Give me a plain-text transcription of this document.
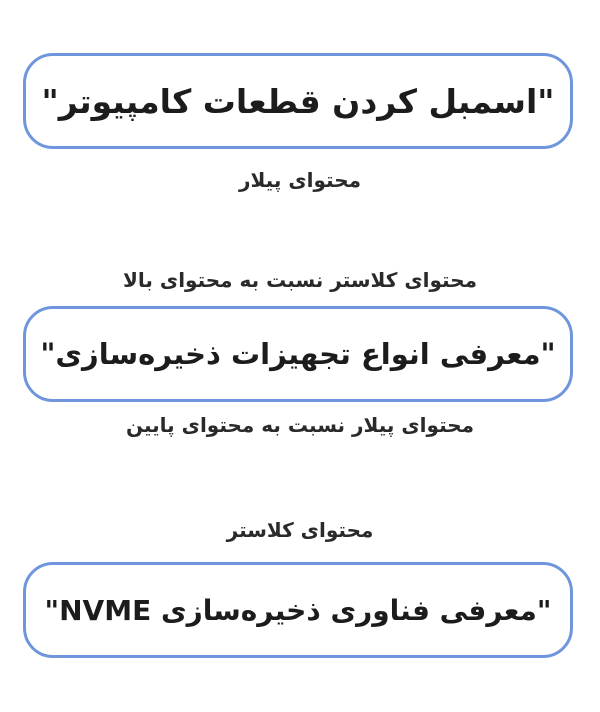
"اسمبل کردن قطعات کامپیوتر"
محتوای پیلار
محتوای کلاستر نسبت به محتوای بالا
"معرفی انواع تجهیزات ذخیره‌سازی"
محتوای پیلار نسبت به محتوای پایین
محتوای کلاستر
"معرفی فناوری ذخیره‌سازی NVME"
